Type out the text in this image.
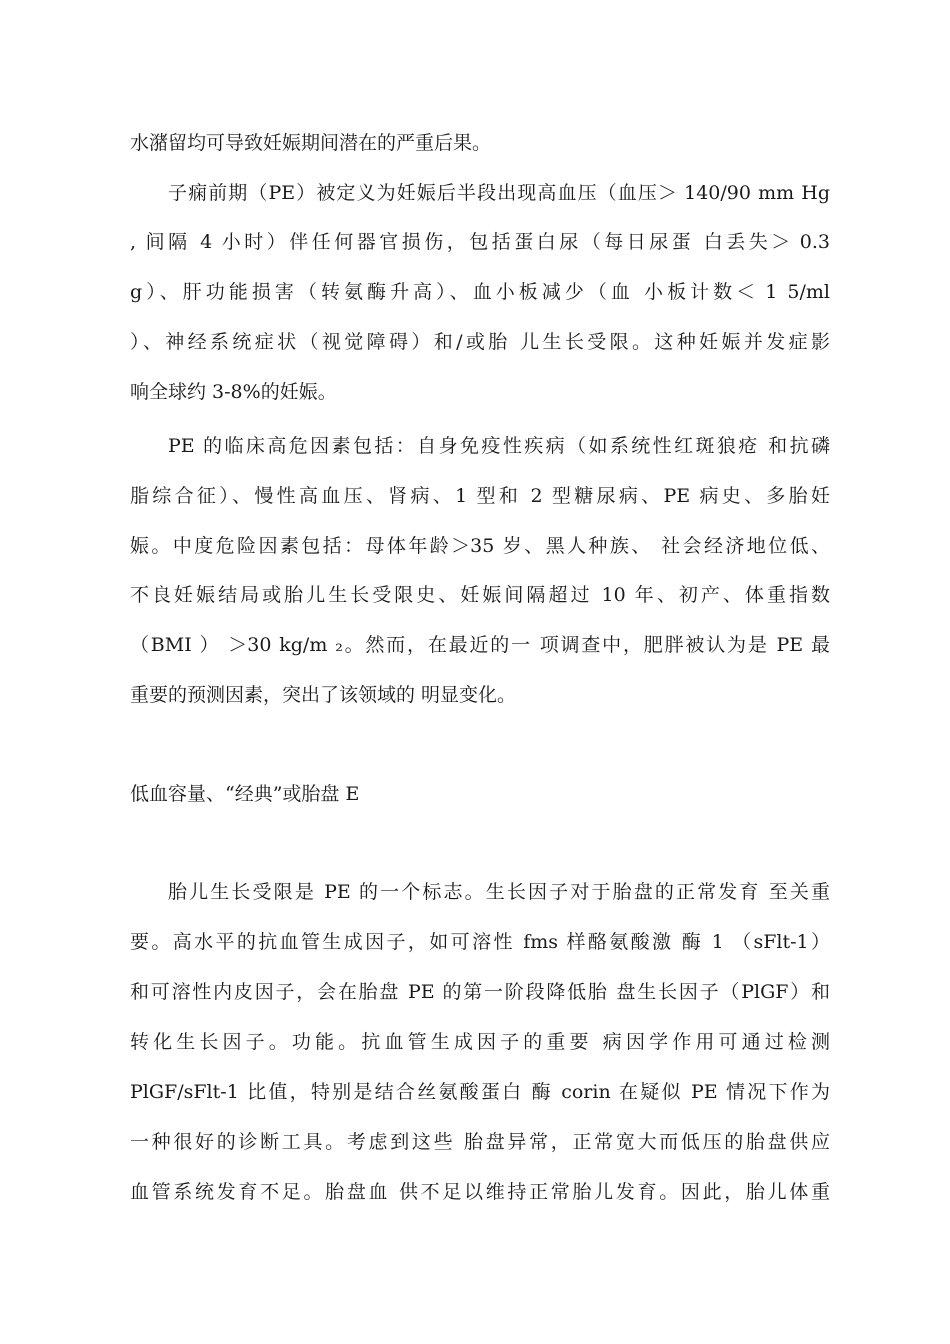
水潴留均可导致妊娠期间潜在的严重后果。
子痫前期（PE）被定义为妊娠后半段出现高血压（血压＞ 140/90 mm Hg
, 间隔 4 小时）伴任何器官损伤，包括蛋白尿（每日尿蛋 白丢失＞ 0.3
g）、肝功能损害（转氨酶升高）、血小板减少（血 小板计数＜ 1 5/ml
）、神经系统症状（视觉障碍）和/或胎 儿生长受限。这种妊娠并发症影
响全球约 3-8%的妊娠。
PE 的临床高危因素包括：自身免疫性疾病（如系统性红斑狼疮 和抗磷
脂综合征）、慢性高血压、肾病、1 型和 2 型糖尿病、PE 病史、多胎妊
娠。中度危险因素包括：母体年龄＞35 岁、黑人种族、 社会经济地位低、
不良妊娠结局或胎儿生长受限史、妊娠间隔超过 10 年、初产、体重指数
（BMI ） ＞30 kg/m ₂。然而，在最近的一 项调查中，肥胖被认为是 PE 最
重要的预测因素，突出了该领域的 明显变化。
低血容量、“经典”或胎盘 E
胎儿生长受限是 PE 的一个标志。生长因子对于胎盘的正常发育 至关重
要。高水平的抗血管生成因子，如可溶性 fms 样酪氨酸激 酶 1 （sFlt-1）
和可溶性内皮因子，会在胎盘 PE 的第一阶段降低胎 盘生长因子（PlGF）和
转化生长因子。功能。抗血管生成因子的重要 病因学作用可通过检测
PlGF/sFlt-1 比值，特别是结合丝氨酸蛋白 酶 corin 在疑似 PE 情况下作为
一种很好的诊断工具。考虑到这些 胎盘异常，正常宽大而低压的胎盘供应
血管系统发育不足。胎盘血 供不足以维持正常胎儿发育。因此，胎儿体重
